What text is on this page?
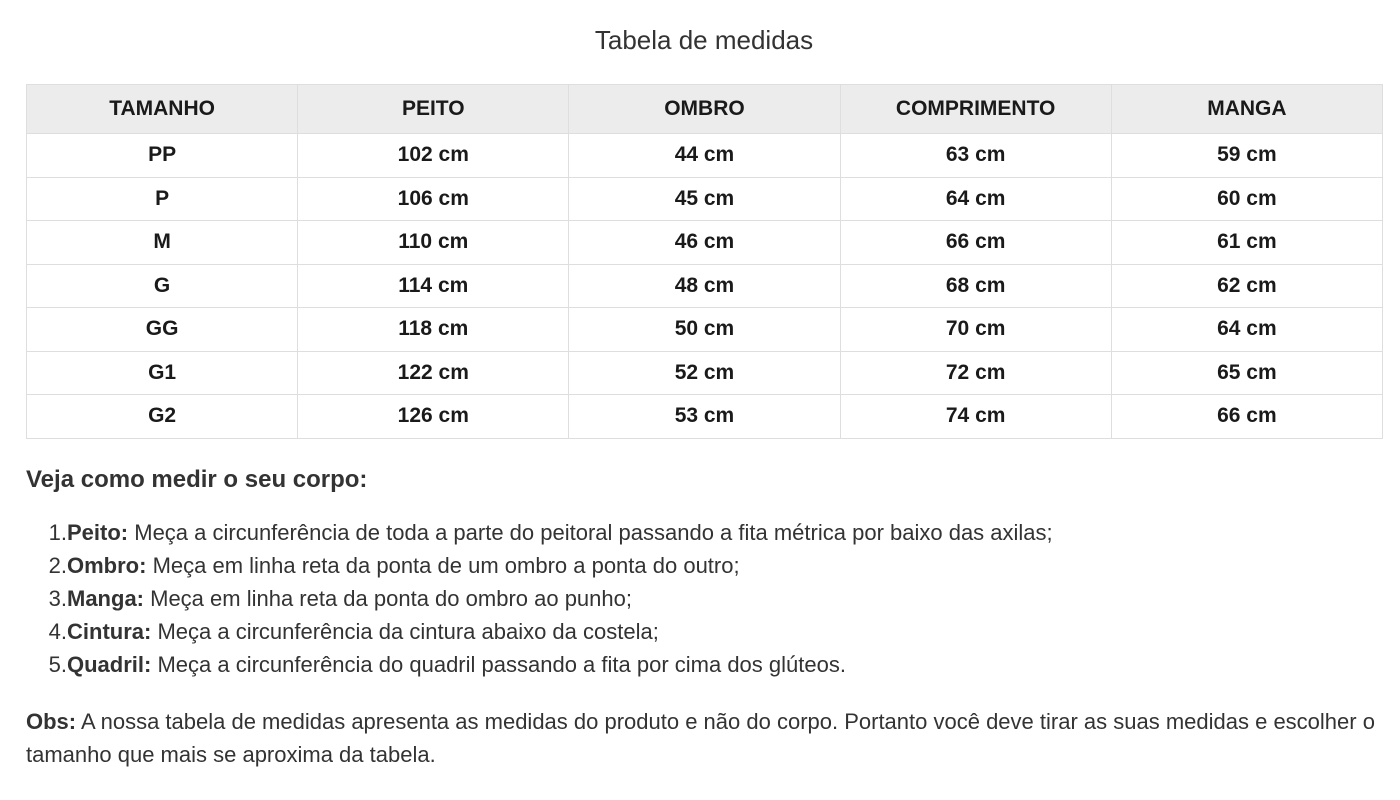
Tabela de medidas
TAMANHO	PEITO	OMBRO	COMPRIMENTO	MANGA
PP	102 cm	44 cm	63 cm	59 cm
P	106 cm	45 cm	64 cm	60 cm
M	110 cm	46 cm	66 cm	61 cm
G	114 cm	48 cm	68 cm	62 cm
GG	118 cm	50 cm	70 cm	64 cm
G1	122 cm	52 cm	72 cm	65 cm
G2	126 cm	53 cm	74 cm	66 cm
Veja como medir o seu corpo:
1.Peito: Meça a circunferência de toda a parte do peitoral passando a fita métrica por baixo das axilas;
2.Ombro: Meça em linha reta da ponta de um ombro a ponta do outro;
3.Manga: Meça em linha reta da ponta do ombro ao punho;
4.Cintura: Meça a circunferência da cintura abaixo da costela;
5.Quadril: Meça a circunferência do quadril passando a fita por cima dos glúteos.

Obs: A nossa tabela de medidas apresenta as medidas do produto e não do corpo. Portanto você deve tirar as suas medidas e escolher o tamanho que mais se aproxima da tabela.
